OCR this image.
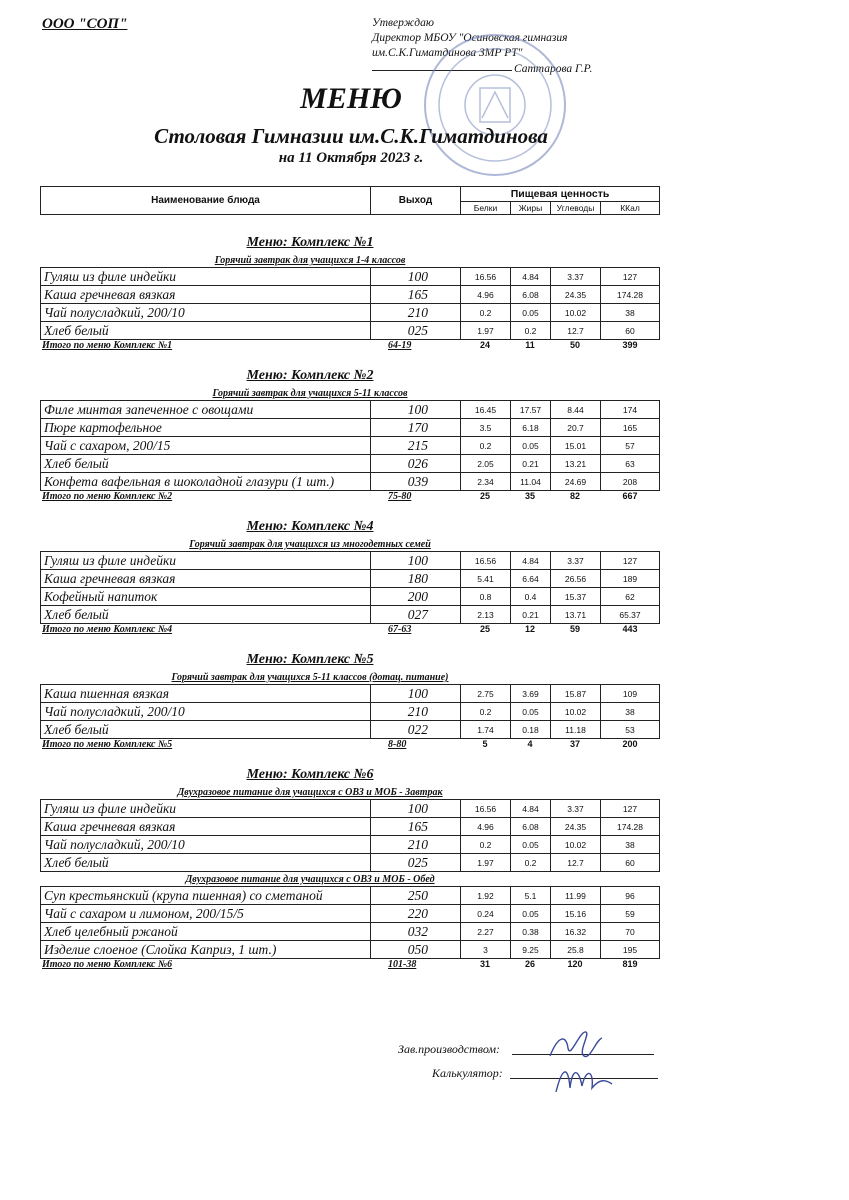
ООО "СОП"	Утверждаю
Директор МБОУ "Осиновская гимназия
им.С.К.Гиматдинова ЗМР РТ"
Саттарова Г.Р.
МЕНЮ
Столовая Гимназии им.С.К.Гиматдинова
на 11 Октября 2023 г.
Наименование блюда	Выход
Пищевая ценность
Белки	Жиры	Углеводы	ККал
Меню: Комплекс №1
Горячий завтрак для учащихся 1-4 классов
Гуляш из филе индейки	100	16.56	4.84	3.37	127
Каша гречневая вязкая	165	4.96	6.08	24.35	174.28
Чай полусладкий, 200/10	210	0.2	0.05	10.02	38
Хлеб белый	025	1.97	0.2	12.7	60
Итого по меню Комплекс №1	64-19	24	11	50	399
Меню: Комплекс №2
Горячий завтрак для учащихся 5-11 классов
Филе минтая запеченное с овощами	100	16.45	17.57	8.44	174
Пюре картофельное	170	3.5	6.18	20.7	165
Чай с сахаром, 200/15	215	0.2	0.05	15.01	57
Хлеб белый	026	2.05	0.21	13.21	63
Конфета вафельная в шоколадной глазури (1 шт.)	039	2.34	11.04	24.69	208
Итого по меню Комплекс №2	75-80	25	35	82	667
Меню: Комплекс №4
Горячий завтрак для учащихся из многодетных семей
Гуляш из филе индейки	100	16.56	4.84	3.37	127
Каша гречневая вязкая	180	5.41	6.64	26.56	189
Кофейный напиток	200	0.8	0.4	15.37	62
Хлеб белый	027	2.13	0.21	13.71	65.37
Итого по меню Комплекс №4	67-63	25	12	59	443
Меню: Комплекс №5
Горячий завтрак для учащихся 5-11 классов (дотац. питание)
Каша пшенная вязкая	100	2.75	3.69	15.87	109
Чай полусладкий, 200/10	210	0.2	0.05	10.02	38
Хлеб белый	022	1.74	0.18	11.18	53
Итого по меню Комплекс №5	8-80	5	4	37	200
Меню: Комплекс №6
Двухразовое питание для учащихся с ОВЗ и МОБ - Завтрак
Гуляш из филе индейки	100	16.56	4.84	3.37	127
Каша гречневая вязкая	165	4.96	6.08	24.35	174.28
Чай полусладкий, 200/10	210	0.2	0.05	10.02	38
Хлеб белый	025	1.97	0.2	12.7	60
Двухразовое питание для учащихся с ОВЗ и МОБ - Обед
Суп крестьянский (крупа пшенная) со сметаной	250	1.92	5.1	11.99	96
Чай с сахаром и лимоном, 200/15/5	220	0.24	0.05	15.16	59
Хлеб целебный ржаной	032	2.27	0.38	16.32	70
Изделие слоеное (Слойка Каприз, 1 шт.)	050	3	9.25	25.8	195
Итого по меню Комплекс №6	101-38	31	26	120	819
Зав.производством:
Калькулятор:
